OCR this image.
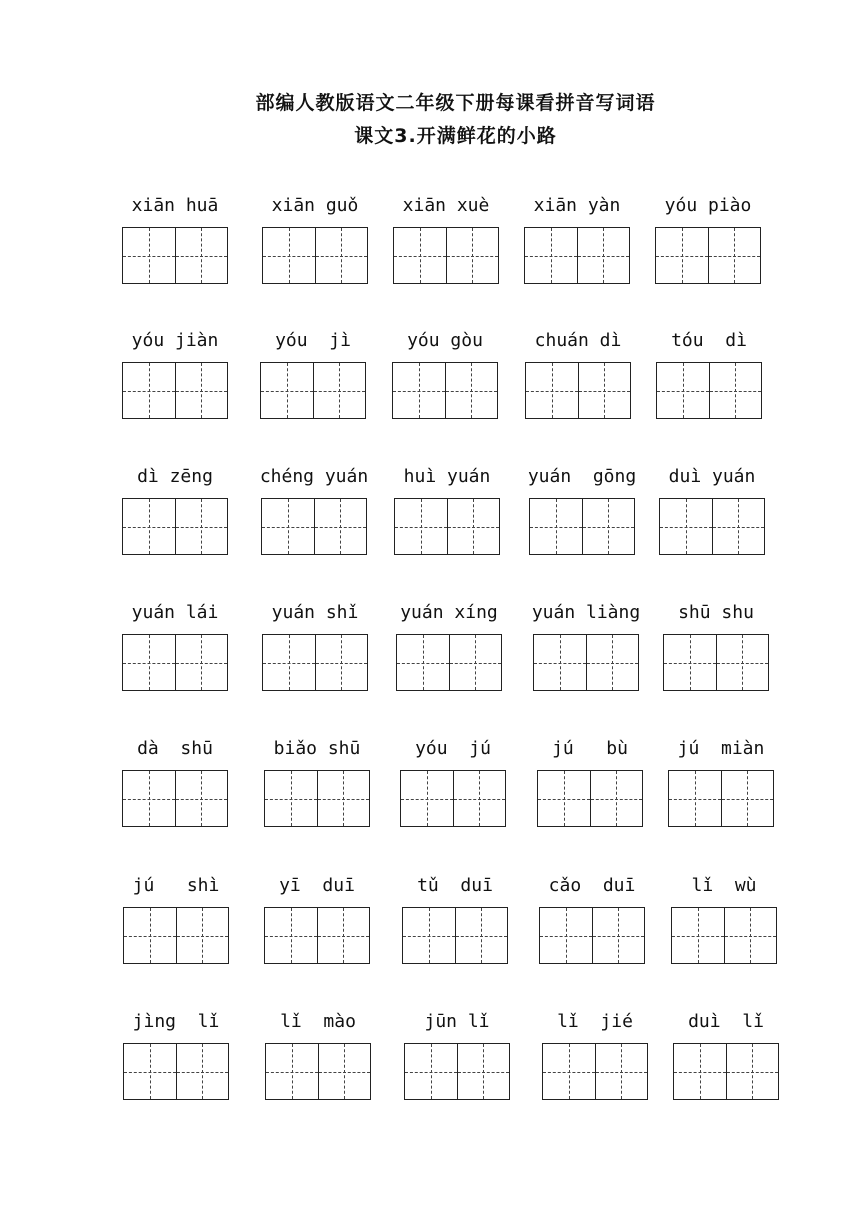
部编人教版语文二年级下册每课看拼音写词语
课文3.开满鲜花的小路
xiān huā	xiān guǒ	xiān xuè	xiān yàn	yóu piào
yóu jiàn	yóu  jì	yóu gòu	chuán dì	tóu  dì
dì zēng	chéng yuán	huì yuán	yuán  gōng	duì yuán
yuán lái	yuán shǐ	yuán xíng	yuán liàng	shū shu
dà  shū	biǎo shū	yóu  jú	jú   bù	jú  miàn
jú   shì	yī  duī	tǔ  duī	cǎo  duī	lǐ  wù
jìng  lǐ	lǐ  mào	jūn lǐ	lǐ  jié	duì  lǐ
